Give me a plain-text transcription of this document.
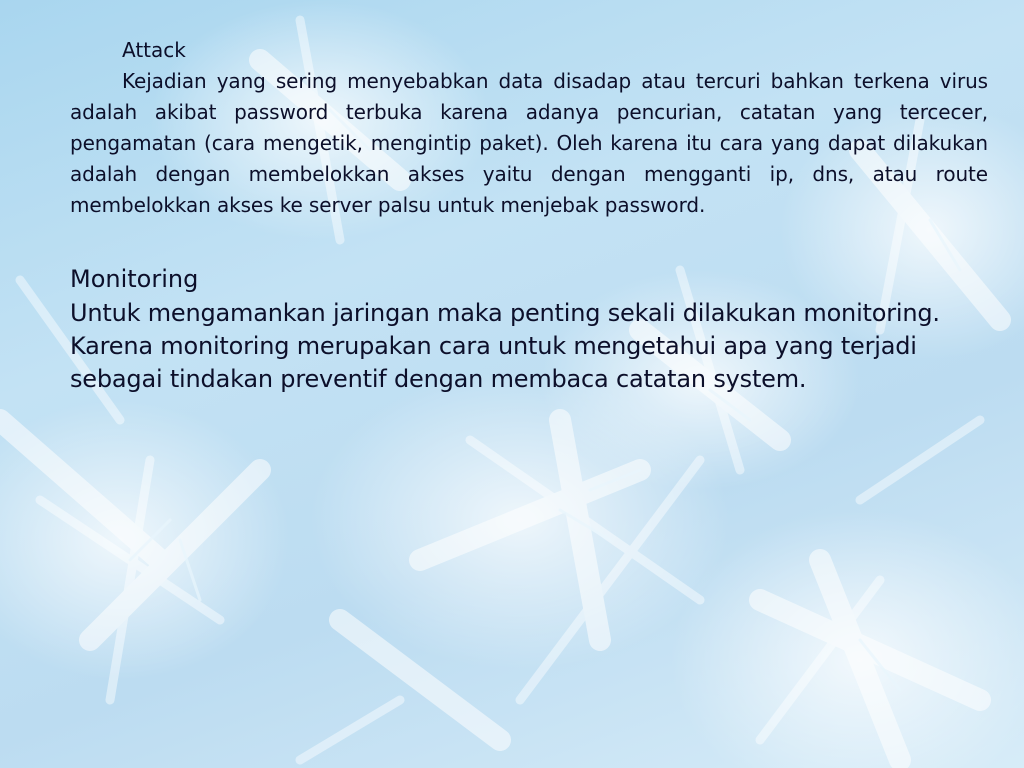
Attack

Kejadian yang sering menyebabkan data disadap atau tercuri bahkan terkena virus adalah akibat password terbuka karena adanya pencurian, catatan yang tercecer, pengamatan (cara mengetik, mengintip paket). Oleh karena itu cara yang dapat dilakukan adalah dengan membelokkan akses yaitu dengan mengganti ip, dns, atau route membelokkan akses ke server palsu untuk menjebak password.

Monitoring
Untuk mengamankan jaringan maka penting sekali dilakukan monitoring.
Karena monitoring merupakan cara untuk mengetahui apa yang terjadi
sebagai tindakan preventif dengan membaca catatan system.
